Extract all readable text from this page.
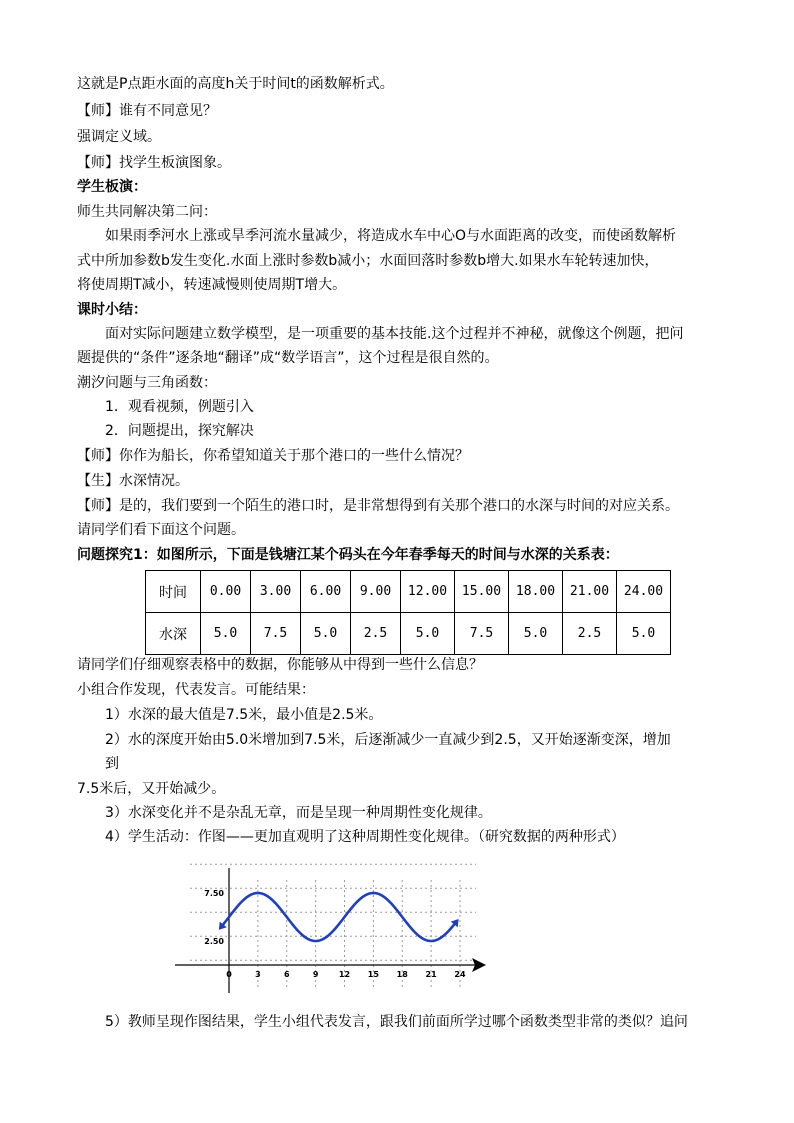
这就是P点距水面的高度h关于时间t的函数解析式。
【师】谁有不同意见？
强调定义域。
【师】找学生板演图象。
学生板演：
师生共同解决第二问：
如果雨季河水上涨或旱季河流水量减少，将造成水车中心O与水面距离的改变，而使函数解析
式中所加参数b发生变化.水面上涨时参数b减小；水面回落时参数b增大.如果水车轮转速加快，
将使周期T减小，转速减慢则使周期T增大。
课时小结：
面对实际问题建立数学模型，是一项重要的基本技能.这个过程并不神秘，就像这个例题，把问
题提供的“条件”逐条地“翻译”成“数学语言”，这个过程是很自然的。
潮汐问题与三角函数：
1．观看视频，例题引入
2．问题提出，探究解决
【师】你作为船长，你希望知道关于那个港口的一些什么情况？
【生】水深情况。
【师】是的，我们要到一个陌生的港口时，是非常想得到有关那个港口的水深与时间的对应关系。
请同学们看下面这个问题。
问题探究1：如图所示，下面是钱塘江某个码头在今年春季每天的时间与水深的关系表：
时间	0.00	3.00	6.00	9.00	12.00	15.00	18.00	21.00	24.00
水深	5.0	7.5	5.0	2.5	5.0	7.5	5.0	2.5	5.0
请同学们仔细观察表格中的数据，你能够从中得到一些什么信息？
小组合作发现，代表发言。可能结果：
1）水深的最大值是7.5米，最小值是2.5米。
2）水的深度开始由5.0米增加到7.5米，后逐渐减少一直减少到2.5，又开始逐渐变深，增加
到
7.5米后，又开始减少。
3）水深变化并不是杂乱无章，而是呈现一种周期性变化规律。
4）学生活动：作图——更加直观明了这种周期性变化规律。（研究数据的两种形式）
0	3	6	9	12 15 18 21 24
7.50
2.50
5）教师呈现作图结果，学生小组代表发言，跟我们前面所学过哪个函数类型非常的类似？追问
